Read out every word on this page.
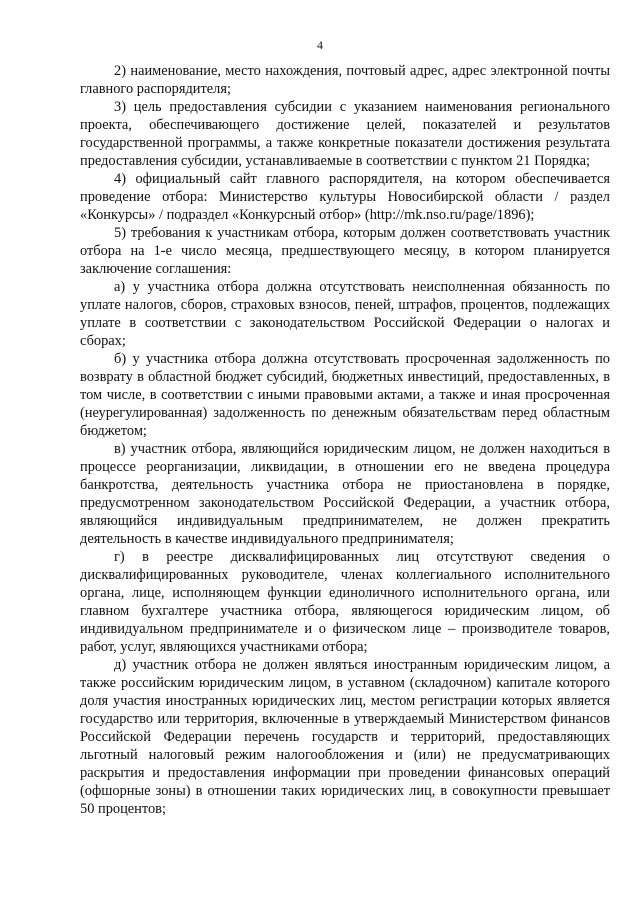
4

2) наименование, место нахождения, почтовый адрес, адрес электронной почты главного распорядителя;

3) цель предоставления субсидии с указанием наименования регионального проекта, обеспечивающего достижение целей, показателей и результатов государственной программы, а также конкретные показатели достижения результата предоставления субсидии, устанавливаемые в соответствии с пунктом 21 Порядка;

4) официальный сайт главного распорядителя, на котором обеспечивается проведение отбора: Министерство культуры Новосибирской области / раздел «Конкурсы» / подраздел «Конкурсный отбор» (http://mk.nso.ru/page/1896);

5) требования к участникам отбора, которым должен соответствовать участник отбора на 1-е число месяца, предшествующего месяцу, в котором планируется заключение соглашения:

а) у участника отбора должна отсутствовать неисполненная обязанность по уплате налогов, сборов, страховых взносов, пеней, штрафов, процентов, подлежащих уплате в соответствии с законодательством Российской Федерации о налогах и сборах;

б) у участника отбора должна отсутствовать просроченная задолженность по возврату в областной бюджет субсидий, бюджетных инвестиций, предоставленных, в том числе, в соответствии с иными правовыми актами, а также и иная просроченная (неурегулированная) задолженность по денежным обязательствам перед областным бюджетом;

в) участник отбора, являющийся юридическим лицом, не должен находиться в процессе реорганизации, ликвидации, в отношении его не введена процедура банкротства, деятельность участника отбора не приостановлена в порядке, предусмотренном законодательством Российской Федерации, а участник отбора, являющийся индивидуальным предпринимателем, не должен прекратить деятельность в качестве индивидуального предпринимателя;

г) в реестре дисквалифицированных лиц отсутствуют сведения о дисквалифицированных руководителе, членах коллегиального исполнительного органа, лице, исполняющем функции единоличного исполнительного органа, или главном бухгалтере участника отбора, являющегося юридическим лицом, об индивидуальном предпринимателе и о физическом лице – производителе товаров, работ, услуг, являющихся участниками отбора;

д) участник отбора не должен являться иностранным юридическим лицом, а также российским юридическим лицом, в уставном (складочном) капитале которого доля участия иностранных юридических лиц, местом регистрации которых является государство или территория, включенные в утверждаемый Министерством финансов Российской Федерации перечень государств и территорий, предоставляющих льготный налоговый режим налогообложения и (или) не предусматривающих раскрытия и предоставления информации при проведении финансовых операций (офшорные зоны) в отношении таких юридических лиц, в совокупности превышает 50 процентов;
